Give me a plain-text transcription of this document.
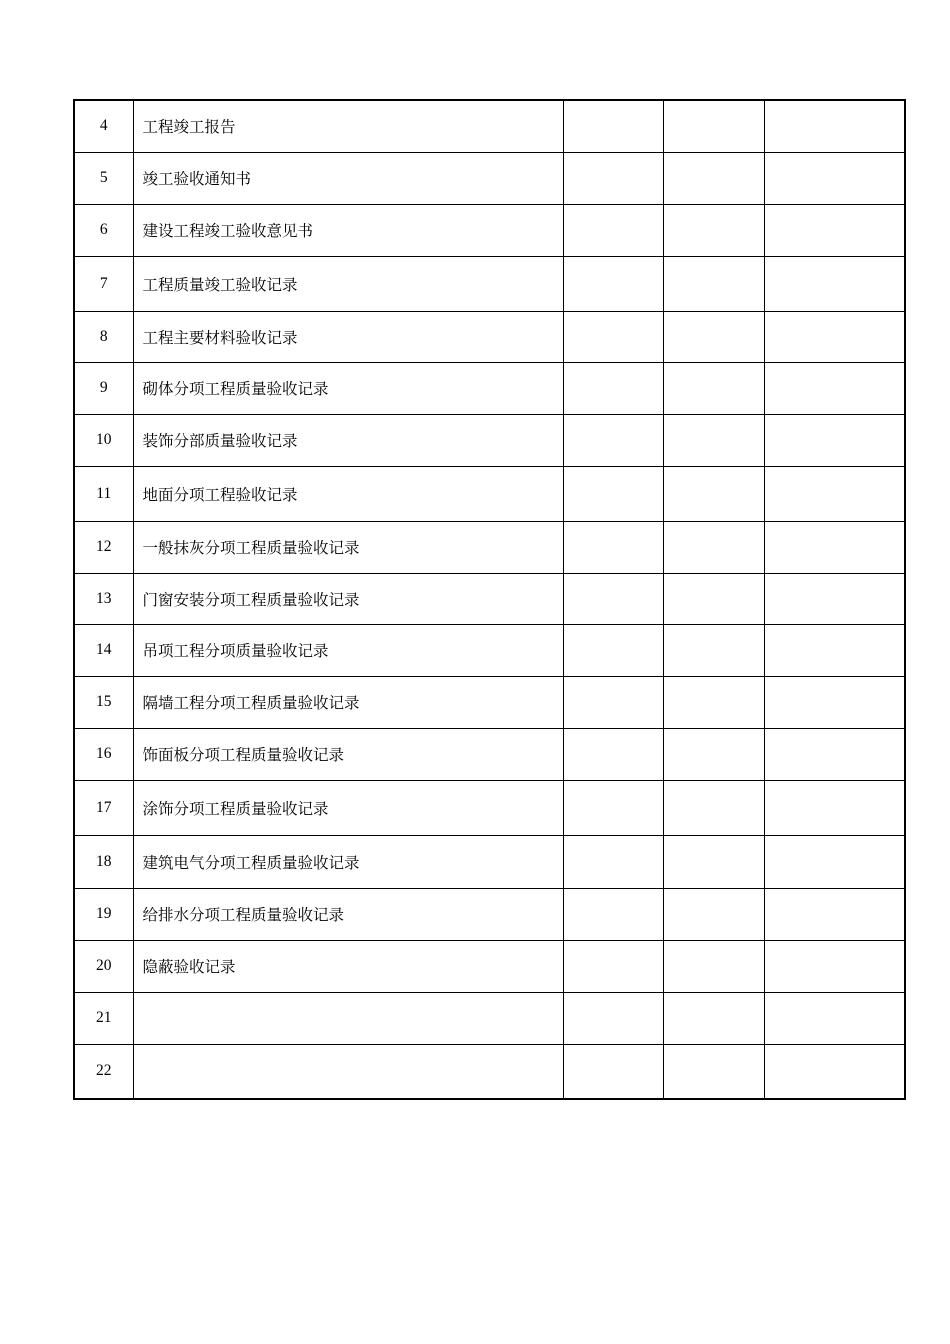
4	工程竣工报告			
5	竣工验收通知书			
6	建设工程竣工验收意见书			
7	工程质量竣工验收记录			
8	工程主要材料验收记录			
9	砌体分项工程质量验收记录			
10	装饰分部质量验收记录			
11	地面分项工程验收记录			
12	一般抹灰分项工程质量验收记录			
13	门窗安装分项工程质量验收记录			
14	吊项工程分项质量验收记录			
15	隔墙工程分项工程质量验收记录			
16	饰面板分项工程质量验收记录			
17	涂饰分项工程质量验收记录			
18	建筑电气分项工程质量验收记录			
19	给排水分项工程质量验收记录			
20	隐蔽验收记录			
21				
22				
